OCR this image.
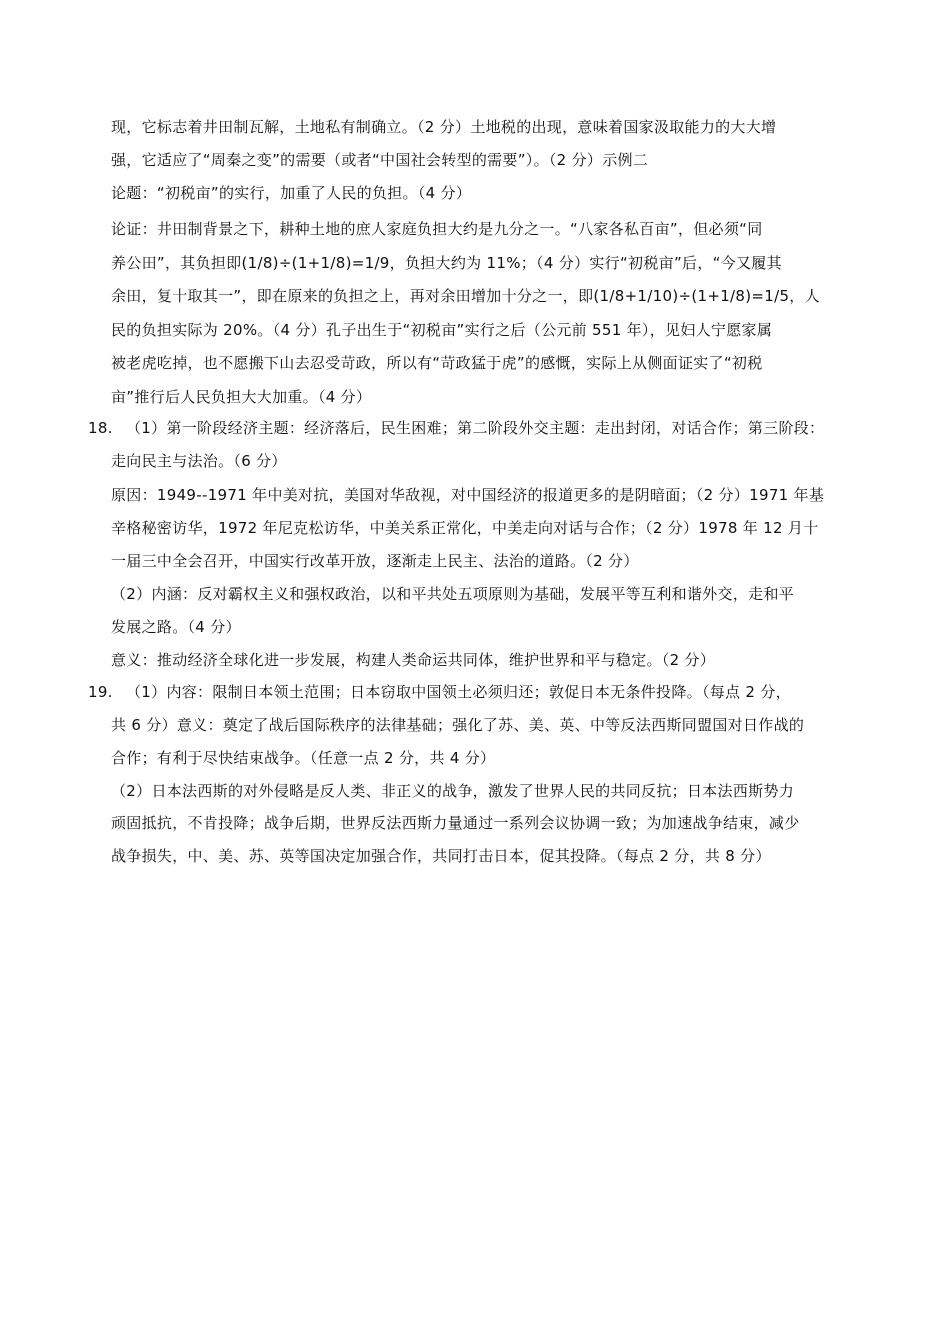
现，它标志着井田制瓦解，土地私有制确立。（2 分）土地税的出现，意味着国家汲取能力的大大增
强，它适应了“周秦之变”的需要（或者“中国社会转型的需要”）。（2 分）示例二
论题：“初税亩”的实行，加重了人民的负担。（4 分）
论证：井田制背景之下，耕种土地的庶人家庭负担大约是九分之一。“八家各私百亩”，但必须“同
养公田”，其负担即(1/8)÷(1+1/8)=1/9，负担大约为 11%；（4 分）实行“初税亩”后，“今又履其
余田，复十取其一”，即在原来的负担之上，再对余田增加十分之一，即(1/8+1/10)÷(1+1/8)=1/5，人
民的负担实际为 20%。（4 分）孔子出生于“初税亩”实行之后（公元前 551 年），见妇人宁愿家属
被老虎吃掉，也不愿搬下山去忍受苛政，所以有“苛政猛于虎”的感慨，实际上从侧面证实了“初税
亩”推行后人民负担大大加重。（4 分）
18. （1）第一阶段经济主题：经济落后，民生困难；第二阶段外交主题：走出封闭，对话合作；第三阶段：
走向民主与法治。（6 分）
原因：1949--1971 年中美对抗，美国对华敌视，对中国经济的报道更多的是阴暗面；（2 分）1971 年基
辛格秘密访华，1972 年尼克松访华，中美关系正常化，中美走向对话与合作；（2 分）1978 年 12 月十
一届三中全会召开，中国实行改革开放，逐渐走上民主、法治的道路。（2 分）
（2）内涵：反对霸权主义和强权政治，以和平共处五项原则为基础，发展平等互利和谐外交，走和平
发展之路。（4 分）
意义：推动经济全球化进一步发展，构建人类命运共同体，维护世界和平与稳定。（2 分）
19. （1）内容：限制日本领土范围；日本窃取中国领土必须归还；敦促日本无条件投降。（每点 2 分，
共 6 分）意义：奠定了战后国际秩序的法律基础；强化了苏、美、英、中等反法西斯同盟国对日作战的
合作；有利于尽快结束战争。（任意一点 2 分，共 4 分）
（2）日本法西斯的对外侵略是反人类、非正义的战争，激发了世界人民的共同反抗；日本法西斯势力
顽固抵抗，不肯投降；战争后期，世界反法西斯力量通过一系列会议协调一致；为加速战争结束，减少
战争损失，中、美、苏、英等国决定加强合作，共同打击日本，促其投降。（每点 2 分，共 8 分）
